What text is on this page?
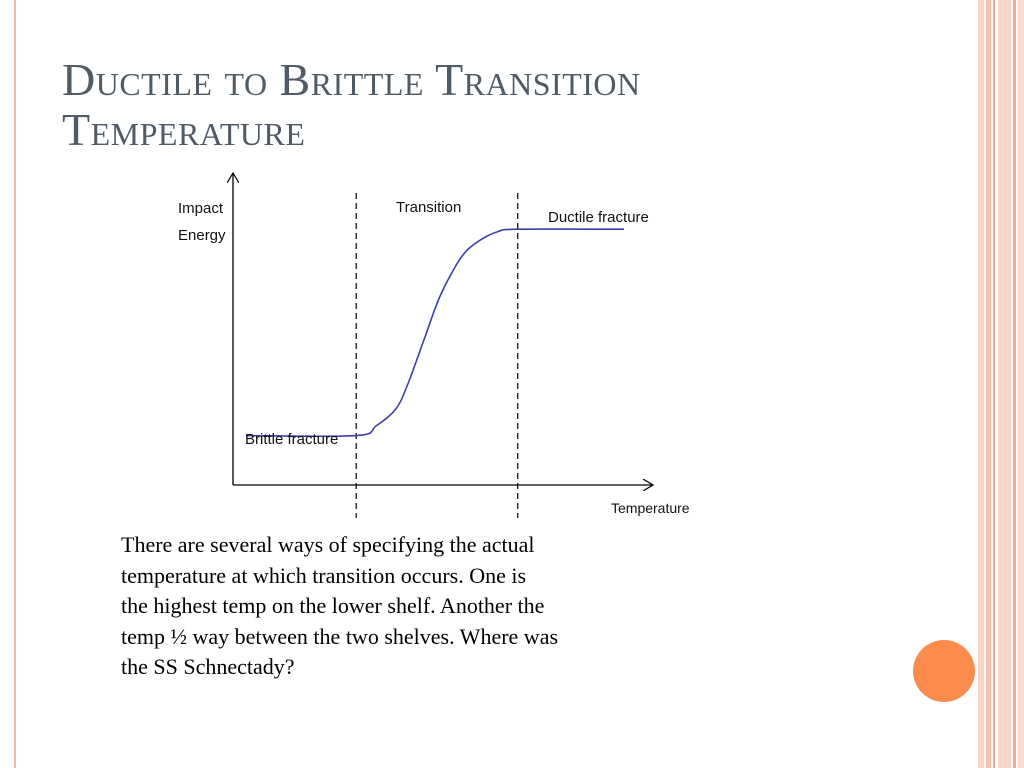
Ductile to Brittle Transition
Temperature
Impact
Energy
Temperature
Brittle fracture
Transition
Ductile fracture
There are several ways of specifying the actual
temperature at which transition occurs. One is
the highest temp on the lower shelf. Another the
temp ½ way between the two shelves. Where was
the SS Schnectady?
